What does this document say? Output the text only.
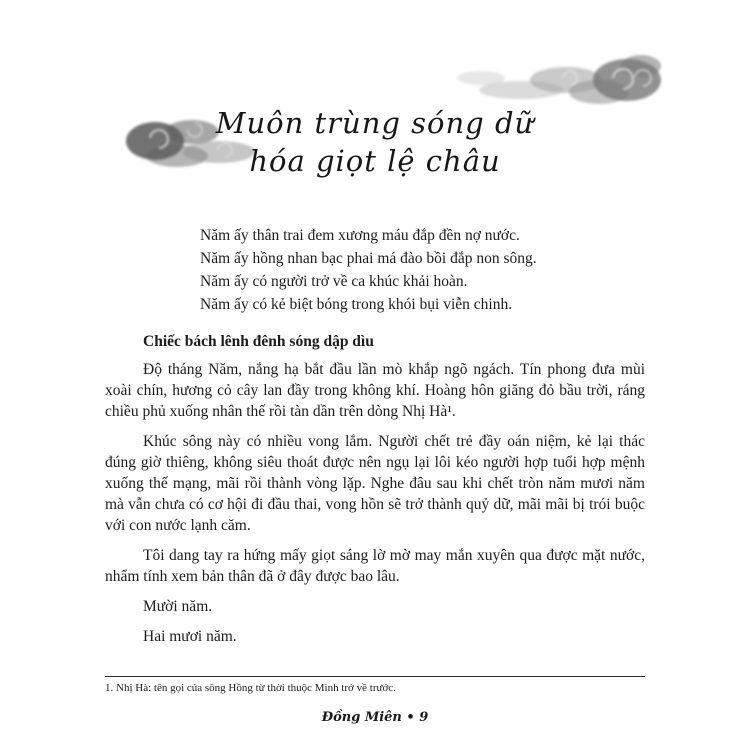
Muôn trùng sóng dữ
hóa giọt lệ châu

Năm ấy thân trai đem xương máu đắp đền nợ nước.

Năm ấy hồng nhan bạc phai má đào bồi đắp non sông.

Năm ấy có người trở về ca khúc khải hoàn.

Năm ấy có kẻ biệt bóng trong khói bụi viễn chinh.

Chiếc bách lênh đênh sóng dập dìu

Độ tháng Năm, nắng hạ bắt đầu lần mò khắp ngõ ngách. Tín phong đưa mùi xoài chín, hương cỏ cây lan đầy trong không khí. Hoàng hôn giăng đỏ bầu trời, ráng chiều phủ xuống nhân thế rồi tàn dần trên dòng Nhị Hà¹.

Khúc sông này có nhiều vong lắm. Người chết trẻ đầy oán niệm, kẻ lại thác đúng giờ thiêng, không siêu thoát được nên ngụ lại lôi kéo người hợp tuổi hợp mệnh xuống thế mạng, mãi rồi thành vòng lặp. Nghe đâu sau khi chết tròn năm mươi năm mà vẫn chưa có cơ hội đi đầu thai, vong hồn sẽ trở thành quỷ dữ, mãi mãi bị trói buộc với con nước lạnh căm.

Tôi dang tay ra hứng mấy giọt sáng lờ mờ may mắn xuyên qua được mặt nước, nhẩm tính xem bản thân đã ở đây được bao lâu.

Mười năm.

Hai mươi năm.

1. Nhị Hà: tên gọi của sông Hồng từ thời thuộc Minh trở về trước.

Đồng Miên • 9
